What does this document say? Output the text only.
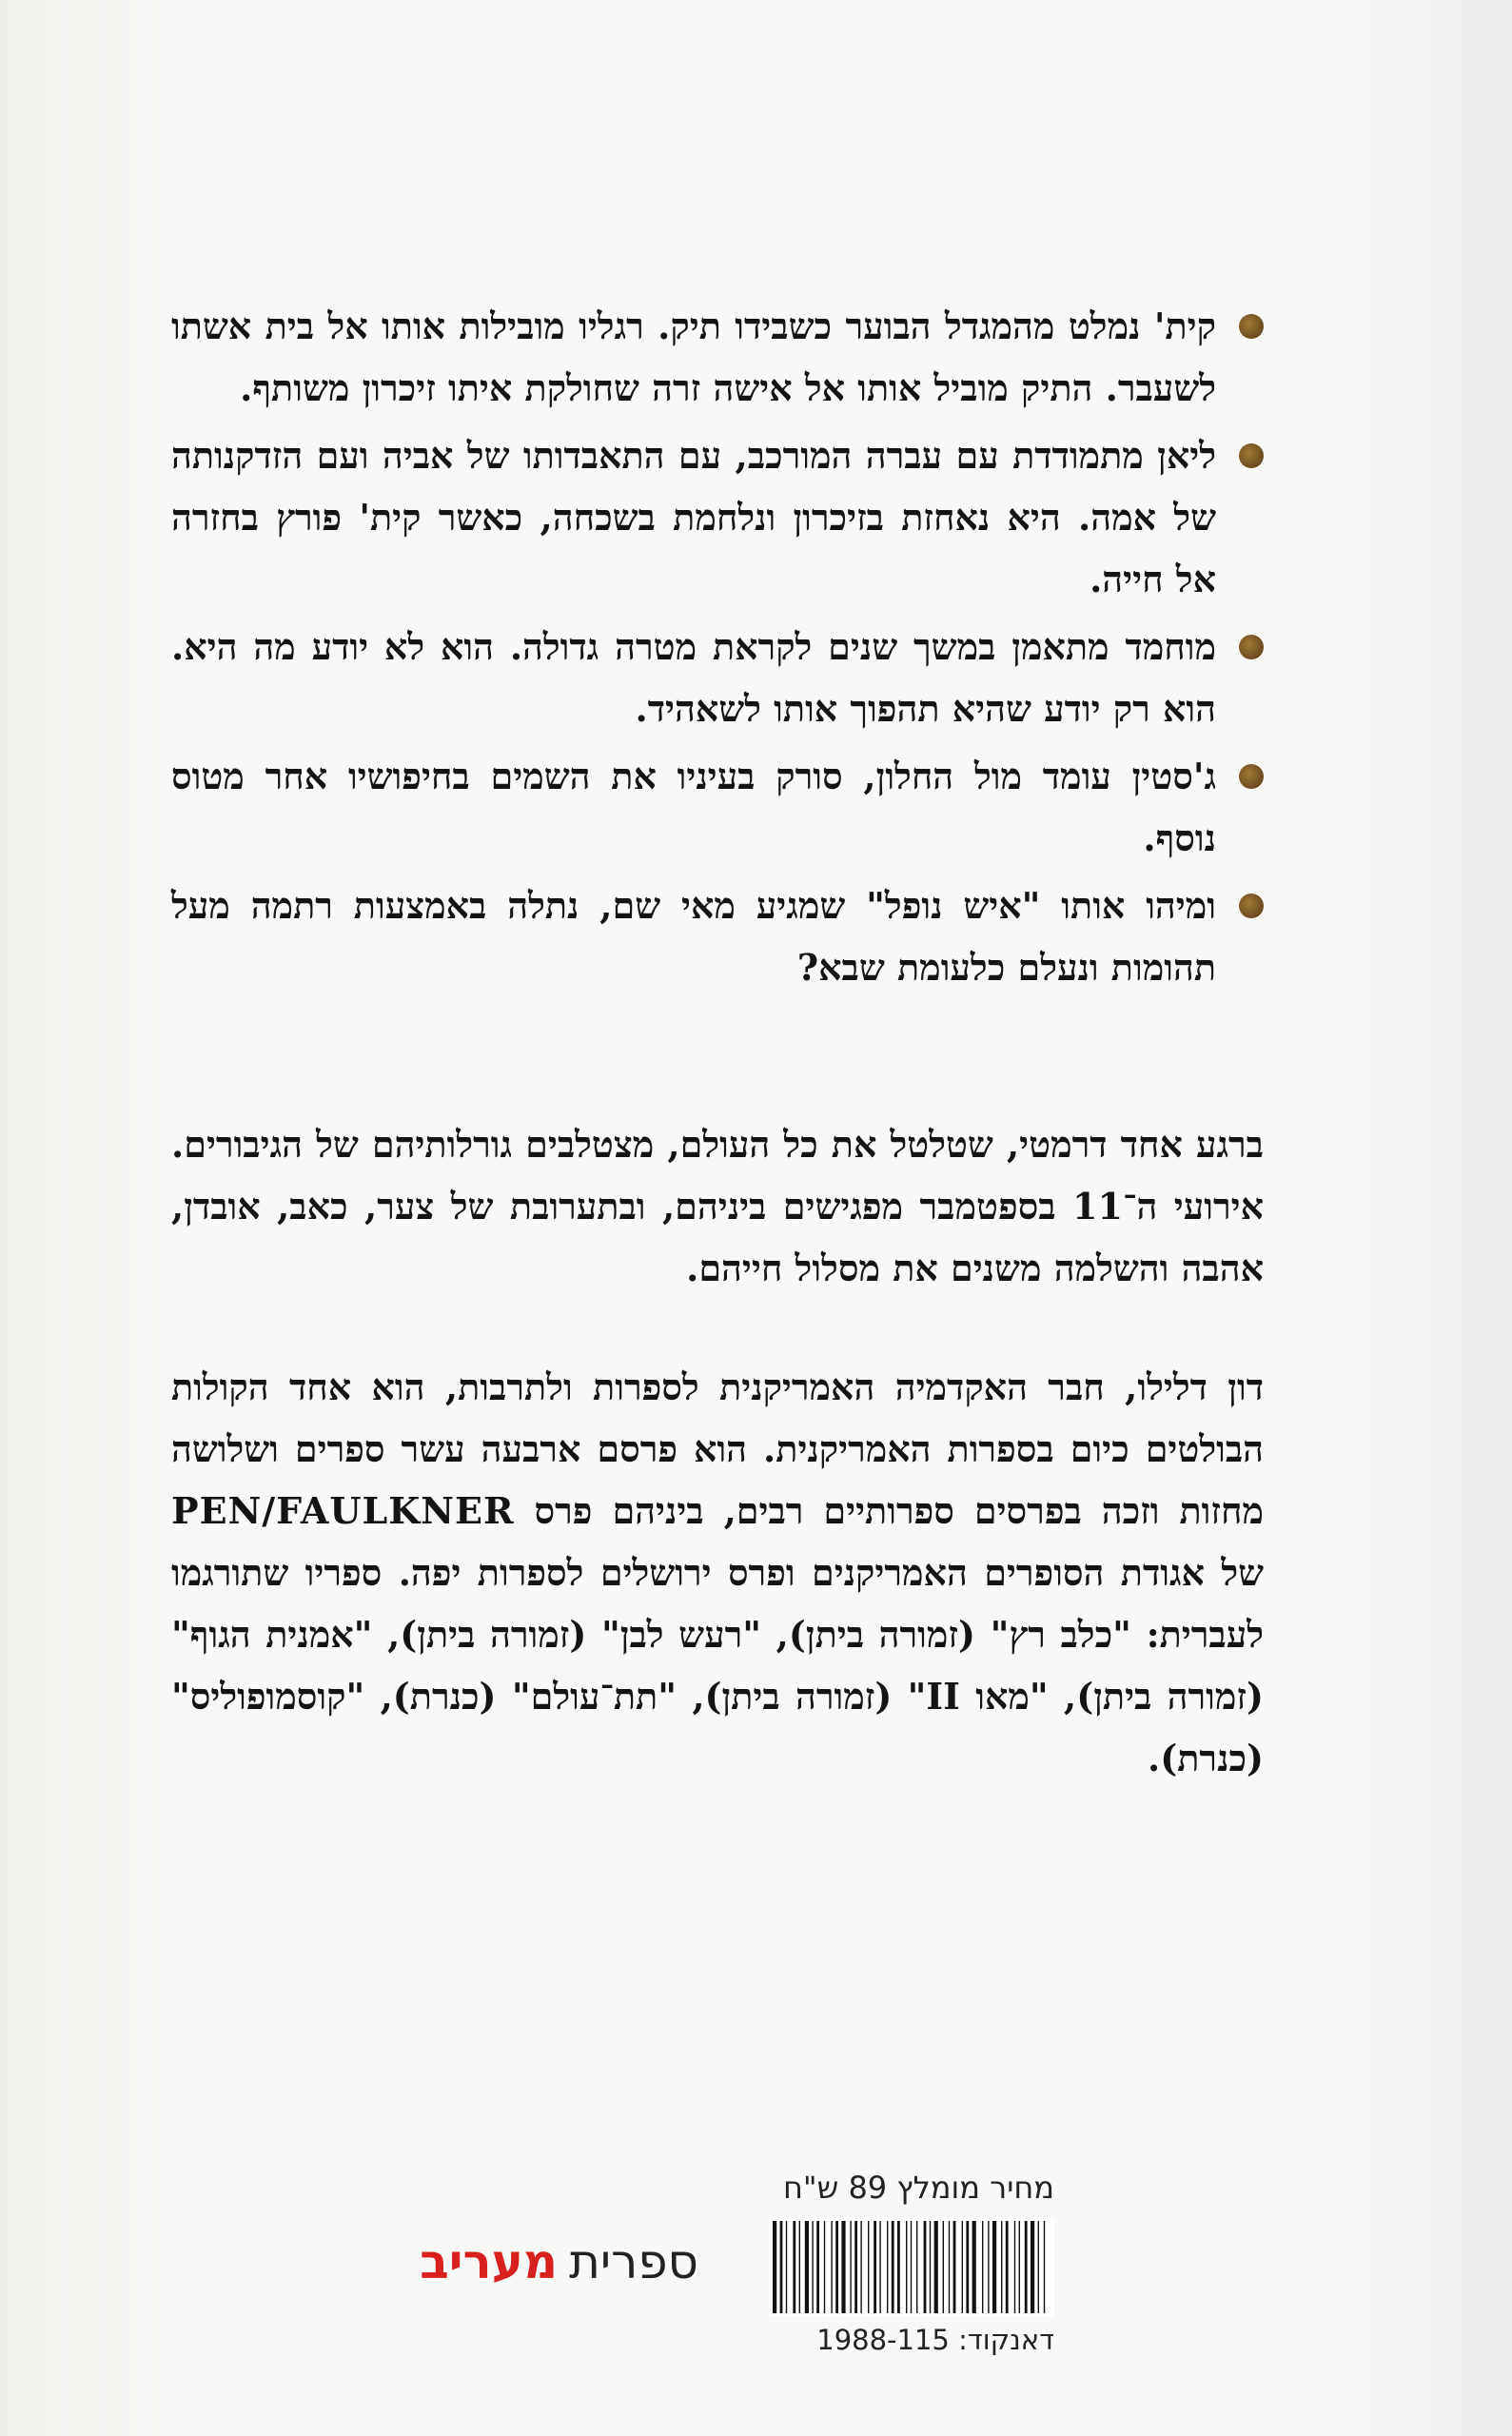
קית' נמלט מהמגדל הבוער כשבידו תיק. רגליו מובילות אותו אל בית אשתו לשעבר. התיק מוביל אותו אל אישה זרה שחולקת איתו זיכרון משותף.
ליאן מתמודדת עם עברה המורכב, עם התאבדותו של אביה ועם הזדקנותה של אמה. היא נאחזת בזיכרון ונלחמת בשכחה, כאשר קית' פורץ בחזרה אל חייה.
מוחמד מתאמן במשך שנים לקראת מטרה גדולה. הוא לא יודע מה היא. הוא רק יודע שהיא תהפוך אותו לשאהיד.
ג'סטין עומד מול החלון, סורק בעיניו את השמים בחיפושיו אחר מטוס נוסף.
ומיהו אותו "איש נופל" שמגיע מאי שם, נתלה באמצעות רתמה מעל תהומות ונעלם כלעומת שבא?
ברגע אחד דרמטי, שטלטל את כל העולם, מצטלבים גורלותיהם של הגיבורים. אירועי ה־11 בספטמבר מפגישים ביניהם, ובתערובת של צער, כאב, אובדן, אהבה והשלמה משנים את מסלול חייהם.
דון דלילו, חבר האקדמיה האמריקנית לספרות ולתרבות, הוא אחד הקולות הבולטים כיום בספרות האמריקנית. הוא פרסם ארבעה עשר ספרים ושלושה מחזות וזכה בפרסים ספרותיים רבים, ביניהם פרס PEN/FAULKNER של אגודת הסופרים האמריקנים ופרס ירושלים לספרות יפה. ספריו שתורגמו לעברית: "כלב רץ" (זמורה ביתן), "רעש לבן" (זמורה ביתן), "אמנית הגוף" (זמורה ביתן), "מאו II" (זמורה ביתן), "תת־עולם" (כנרת), "קוסמופוליס" (כנרת).
מחיר מומלץ 89 ש"ח
דאנקוד: 1988-115
ספריתמעריב
